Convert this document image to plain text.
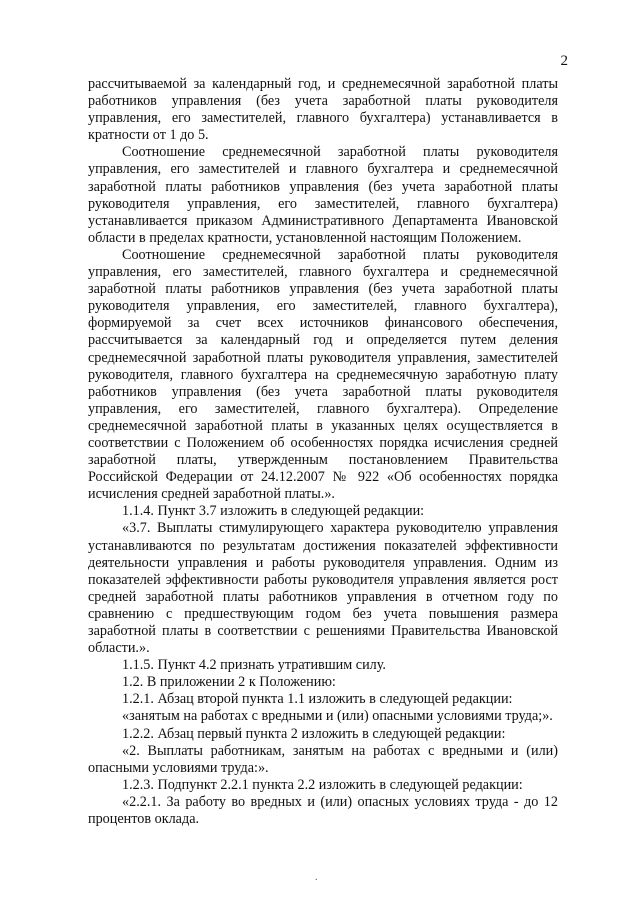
2

рассчитываемой за календарный год, и среднемесячной заработной платы работников управления (без учета заработной платы руководителя управления, его заместителей, главного бухгалтера) устанавливается в кратности от 1 до 5.

Соотношение среднемесячной заработной платы руководителя управления, его заместителей и главного бухгалтера и среднемесячной заработной платы работников управления (без учета заработной платы руководителя управления, его заместителей, главного бухгалтера) устанавливается приказом Административного Департамента Ивановской области в пределах кратности, установленной настоящим Положением.

Соотношение среднемесячной заработной платы руководителя управления, его заместителей, главного бухгалтера и среднемесячной заработной платы работников управления (без учета заработной платы руководителя управления, его заместителей, главного бухгалтера), формируемой за счет всех источников финансового обеспечения, рассчитывается за календарный год и определяется путем деления среднемесячной заработной платы руководителя управления, заместителей руководителя, главного бухгалтера на среднемесячную заработную плату работников управления (без учета заработной платы руководителя управления, его заместителей, главного бухгалтера). Определение среднемесячной заработной платы в указанных целях осуществляется в соответствии с Положением об особенностях порядка исчисления средней заработной платы, утвержденным постановлением Правительства Российской Федерации от 24.12.2007 № 922 «Об особенностях порядка исчисления средней заработной платы.».

1.1.4. Пункт 3.7 изложить в следующей редакции:

«3.7. Выплаты стимулирующего характера руководителю управления устанавливаются по результатам достижения показателей эффективности деятельности управления и работы руководителя управления. Одним из показателей эффективности работы руководителя управления является рост средней заработной платы работников управления в отчетном году по сравнению с предшествующим годом без учета повышения размера заработной платы в соответствии с решениями Правительства Ивановской области.».

1.1.5. Пункт 4.2 признать утратившим силу.

1.2. В приложении 2 к Положению:

1.2.1. Абзац второй пункта 1.1 изложить в следующей редакции:

«занятым на работах с вредными и (или) опасными условиями труда;».

1.2.2. Абзац первый пункта 2 изложить в следующей редакции:

«2. Выплаты работникам, занятым на работах с вредными и (или) опасными условиями труда:».

1.2.3. Подпункт 2.2.1 пункта 2.2 изложить в следующей редакции:

«2.2.1. За работу во вредных и (или) опасных условиях труда - до 12 процентов оклада.

.
